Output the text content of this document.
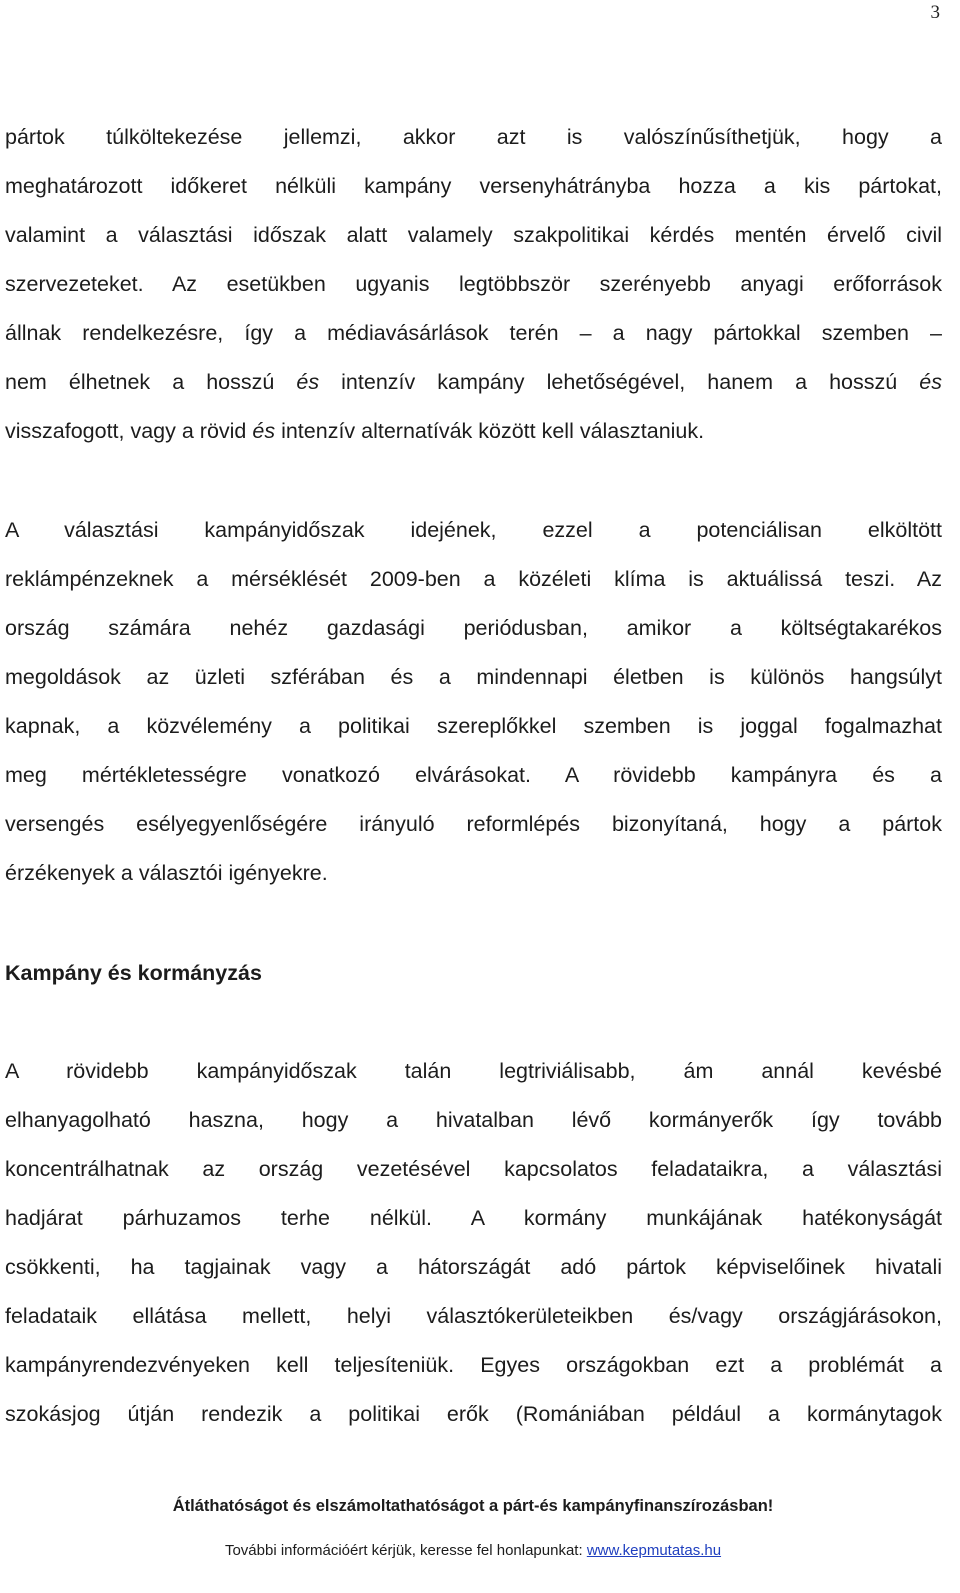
3
pártok túlköltekezése jellemzi, akkor azt is valószínűsíthetjük, hogy a
meghatározott időkeret nélküli kampány versenyhátrányba hozza a kis pártokat,
valamint a választási időszak alatt valamely szakpolitikai kérdés mentén érvelő civil
szervezeteket. Az esetükben ugyanis legtöbbször szerényebb anyagi erőforrások
állnak rendelkezésre, így a médiavásárlások terén – a nagy pártokkal szemben –
nem élhetnek a hosszú és intenzív kampány lehetőségével, hanem a hosszú és
visszafogott, vagy a rövid és intenzív alternatívák között kell választaniuk.
A választási kampányidőszak idejének, ezzel a potenciálisan elköltött
reklámpénzeknek a mérséklését 2009-ben a közéleti klíma is aktuálissá teszi. Az
ország számára nehéz gazdasági periódusban, amikor a költségtakarékos
megoldások az üzleti szférában és a mindennapi életben is különös hangsúlyt
kapnak, a közvélemény a politikai szereplőkkel szemben is joggal fogalmazhat
meg mértékletességre vonatkozó elvárásokat. A rövidebb kampányra és a
versengés esélyegyenlőségére irányuló reformlépés bizonyítaná, hogy a pártok
érzékenyek a választói igényekre.
Kampány és kormányzás
A rövidebb kampányidőszak talán legtriviálisabb, ám annál kevésbé
elhanyagolható haszna, hogy a hivatalban lévő kormányerők így tovább
koncentrálhatnak az ország vezetésével kapcsolatos feladataikra, a választási
hadjárat párhuzamos terhe nélkül. A kormány munkájának hatékonyságát
csökkenti, ha tagjainak vagy a hátországát adó pártok képviselőinek hivatali
feladataik ellátása mellett, helyi választókerületeikben és/vagy országjárásokon,
kampányrendezvényeken kell teljesíteniük. Egyes országokban ezt a problémát a
szokásjog útján rendezik a politikai erők (Romániában például a kormánytagok
Átláthatóságot és elszámoltathatóságot a párt-és kampányfinanszírozásban!
További információért kérjük, keresse fel honlapunkat: www.kepmutatas.hu
